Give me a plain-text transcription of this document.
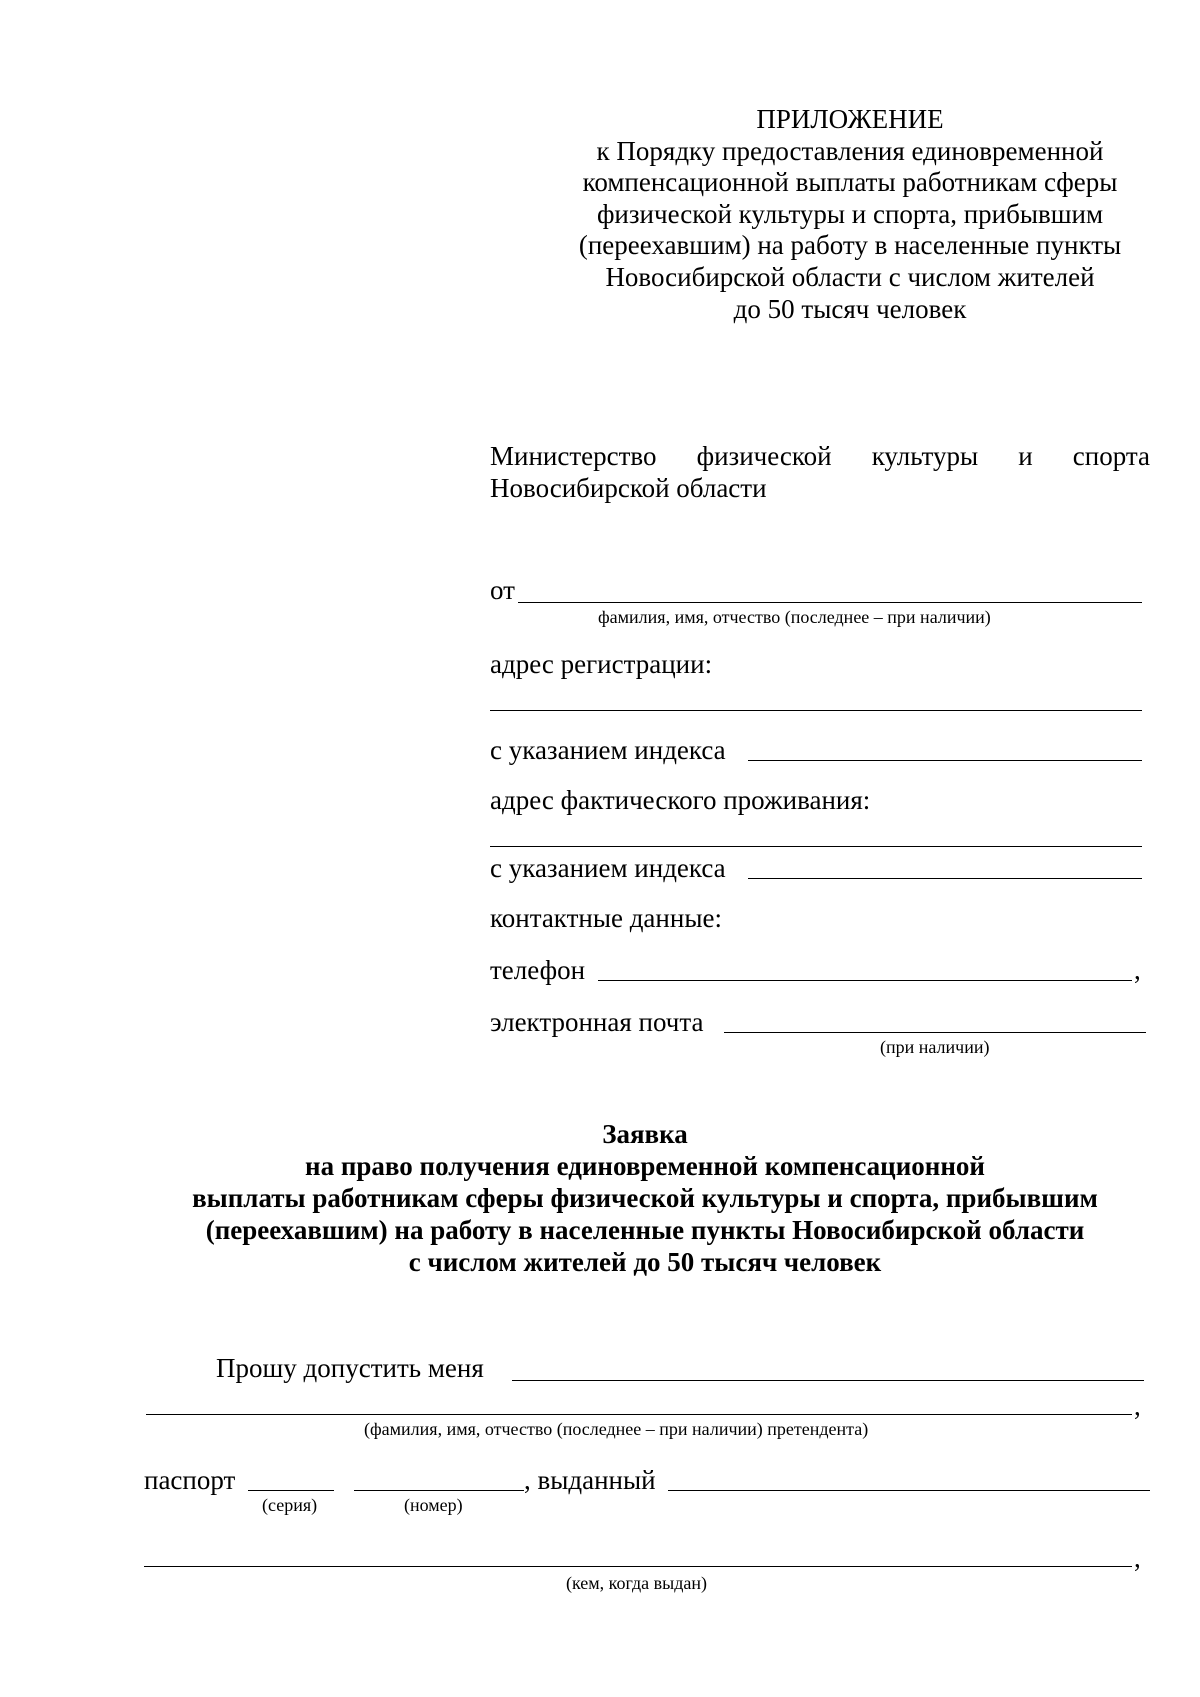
ПРИЛОЖЕНИЕ
к Порядку предоставления единовременной
компенсационной выплаты работникам сферы
физической культуры и спорта, прибывшим
(переехавшим) на работу в населенные пункты
Новосибирской области с числом жителей
до 50 тысяч человек
Министерство физической культуры и спорта
Новосибирской области
от
фамилия, имя, отчество (последнее – при наличии)
адрес регистрации:
с указанием индекса
адрес фактического проживания:
с указанием индекса
контактные данные:
телефон	,
электронная почта
(при наличии)
Заявка
на право получения единовременной компенсационной
выплаты работникам сферы физической культуры и спорта, прибывшим
(переехавшим) на работу в населенные пункты Новосибирской области
с числом жителей до 50 тысяч человек
Прошу допустить меня
,
(фамилия, имя, отчество (последнее – при наличии) претендента)
паспорт	, выданный
(серия)	(номер)
,
(кем, когда выдан)
